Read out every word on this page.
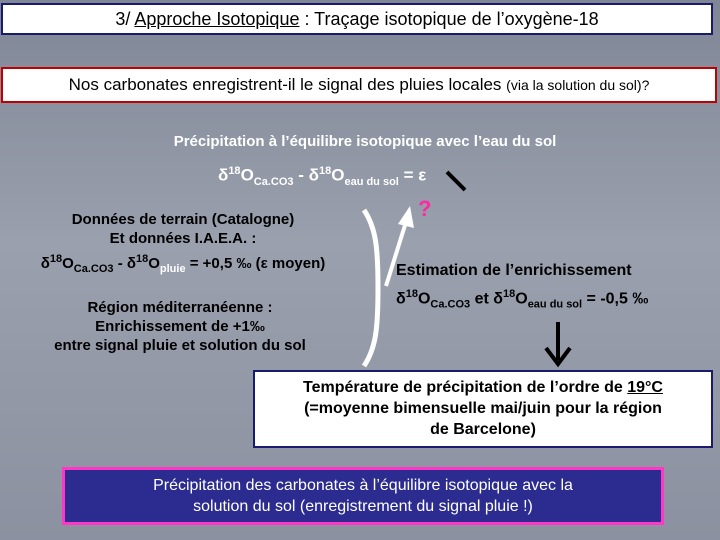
3/ Approche Isotopique : Traçage isotopique de l’oxygène-18
Nos carbonates enregistrent-il le signal des pluies locales (via la solution du sol)?
Précipitation à l’équilibre isotopique avec l’eau du sol
$\delta^{18}O_{Ca.CO3} - \delta^{18}O_{eau du sol} = \varepsilon$
?
Données de terrain (Catalogne)
Et données I.A.E.A. :
$\delta^{18}O_{Ca.CO3} - \delta^{18}O_{pluie} = +0,5$ ‰ (ε moyen)
Région méditerranéenne :
Enrichissement de +1‰
entre signal pluie et solution du sol
Estimation de l’enrichissement
$\delta^{18}O_{Ca.CO3}$ et $\delta^{18}O_{eau du sol} = -0,5$ ‰
Température de précipitation de l’ordre de 19°C
(=moyenne bimensuelle mai/juin pour la région
de Barcelone)
Précipitation des carbonates à l’équilibre isotopique avec la
solution du sol (enregistrement du signal pluie !)
